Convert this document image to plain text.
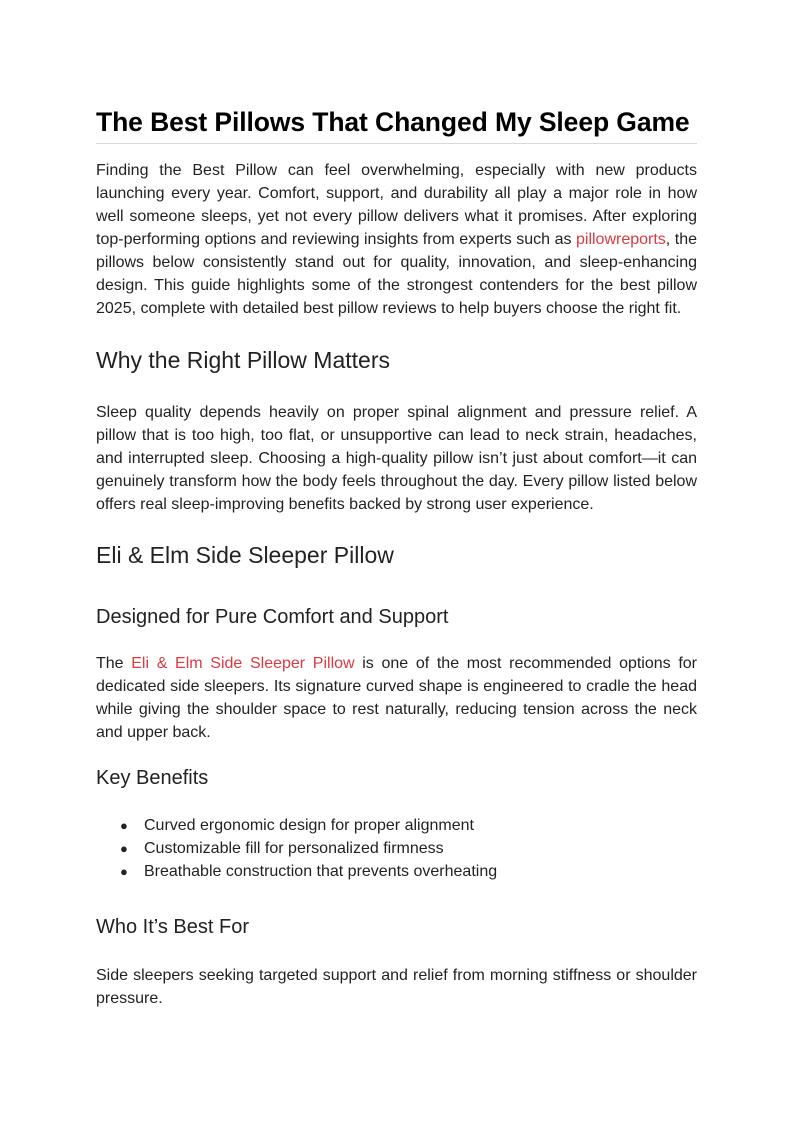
The Best Pillows That Changed My Sleep Game

Finding the Best Pillow can feel overwhelming, especially with new products launching every year. Comfort, support, and durability all play a major role in how well someone sleeps, yet not every pillow delivers what it promises. After exploring top-performing options and reviewing insights from experts such as pillowreports, the pillows below consistently stand out for quality, innovation, and sleep-enhancing design. This guide highlights some of the strongest contenders for the best pillow 2025, complete with detailed best pillow reviews to help buyers choose the right fit.

Why the Right Pillow Matters

Sleep quality depends heavily on proper spinal alignment and pressure relief. A pillow that is too high, too flat, or unsupportive can lead to neck strain, headaches, and interrupted sleep. Choosing a high-quality pillow isn’t just about comfort—it can genuinely transform how the body feels throughout the day. Every pillow listed below offers real sleep-improving benefits backed by strong user experience.

Eli & Elm Side Sleeper Pillow
Designed for Pure Comfort and Support

The Eli & Elm Side Sleeper Pillow is one of the most recommended options for dedicated side sleepers. Its signature curved shape is engineered to cradle the head while giving the shoulder space to rest naturally, reducing tension across the neck and upper back.

Key Benefits
● Curved ergonomic design for proper alignment
● Customizable fill for personalized firmness
● Breathable construction that prevents overheating
Who It’s Best For

Side sleepers seeking targeted support and relief from morning stiffness or shoulder pressure.
